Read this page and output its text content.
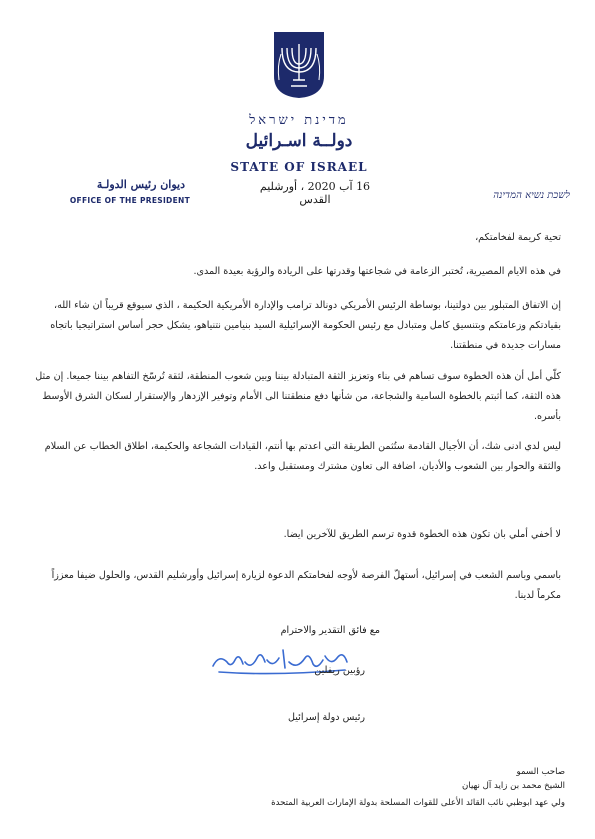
מדינת ישראל
دولــة اسـرائيل
STATE OF ISRAEL
16 آب 2020 ، أورشليم القدس
ديوان رئيس الدولـة
OFFICE OF THE PRESIDENT	לשכת נשיא המדינה
تحية كريمة لفخامتكم،
في هذه الايام المصيرية، تُختبر الزعامة في شجاعتها وقدرتها على الريادة والرؤية بعيدة المدى.
إن الاتفاق المتبلور بين دولتينا، بوساطة الرئيس الأمريكي دونالد ترامب والإدارة الأمريكية الحكيمة ، الذي سيوقع قريباً ان شاء الله، بقيادتكم وزعامتكم وبتنسيق كامل ومتبادل مع رئيس الحكومة الإسرائيلية السيد بنيامين نتنياهو، يشكل حجر أساس استراتيجيا باتجاه مسارات جديدة في منطقتنا.
كلّي أمل أن هذه الخطوة سوف تساهم في بناء وتعزيز الثقة المتبادلة بيننا وبين شعوب المنطقة، لثقة تُرسّخ التفاهم بيننا جميعا. إن مثل هذه الثقة، كما أثبتم بالخطوة السامية والشجاعة، من شأنها دفع منطقتنا الى الأمام وتوفير الإزدهار والإستقرار لسكان الشرق الأوسط بأسره.
ليس لدي ادنى شك، أن الأجيال القادمة ستُثمن الطريقة التي اعدتم بها أنتم، القيادات الشجاعة والحكيمة، اطلاق الخطاب عن السلام والثقة والحوار بين الشعوب والأديان، اضافة الى تعاون مشترك ومستقبل واعد.
لا أخفي أملي بان تكون هذه الخطوة قدوة ترسم الطريق للآخرين ايضا.
باسمي وباسم الشعب في إسرائيل، أستهلّ الفرصة لأوجه لفخامتكم الدعوة لزيارة إسرائيل وأورشليم القدس، والحلول ضيفا معززاً مكرماً لدينا.
مع فائق التقدير والاحترام
رؤبين ريفلين
رئيس دولة إسرائيل
صاحب السمو
الشيخ محمد بن زايد آل نهيان
ولي عهد ابوظبي نائب القائد الأعلى للقوات المسلحة بدولة الإمارات العربية المتحدة
